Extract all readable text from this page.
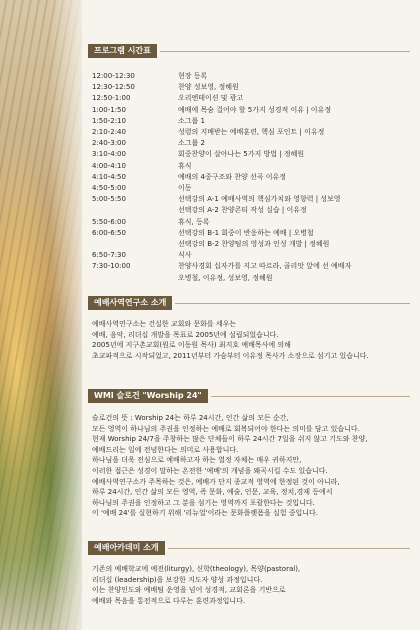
프로그램 시간표
12:00-12:30	현장 등록
12:30-12:50	찬양 성보영, 정혜원
12:50-1:00	오리엔테이션 및 광고
1:00-1:50	예배에 목숨 걸어야 할 5가지 성경적 이유 | 이유정
1:50-2:10	소그룹 1
2:10-2:40	성령의 지배받는 예배훈련, 핵심 포인트 | 이유정
2:40-3:00	소그룹 2
3:10-4:00	회중찬양이 살아나는 5가지 방법 | 정혜원
4:00-4:10	휴식
4:10-4:50	예배의 4중구조와 찬양 선곡 이유정
4:50-5:00	이동
5:00-5:50	선택강의 A-1 예배사역의 핵심가치와 영향력 | 성보영
선택강의 A-2 찬양콘티 작성 실습 | 이유정
5:50-6:00	휴식, 등록
6:00-6:50	선택강의 B-1 회중이 반응하는 예배 | 오병철
선택강의 B-2 찬양팀의 영성과 인성 개발 | 정혜원
6:50-7:30	식사
7:30-10:00	찬양사경회 십자가를 지고 따르라, 골리앗 앞에 선 예배자
오병철, 이유정, 성보영, 정혜원
예배사역연구소 소개

예배사역연구소는 건실한 교회와 문화를 세우는

예배, 음악, 리더십 개발을 목표로 2005년에 설립되었습니다.

2005년에 지구촌교회(원로 이동원 목사) 최지호 예배목사에 의해

초교파적으로 시작되었고, 2011년부터 가슴부터 이유정 목사가 소장으로 섬기고 있습니다.

WMI 슬로건 "Worship 24"

슬로건의 뜻 : Worship 24는 하루 24시간, 인간 삶의 모든 순간,

모든 영역이 하나님의 주권을 인정하는 예배로 회복되어야 한다는 의미를 담고 있습니다.

현재 Worship 24/7을 주창하는 많은 단체들이 하루 24시간 7일을 쉬지 않고 기도와 찬양,

예배드리는 일에 전념한다는 의미로 사용합니다.

하나님을 더욱 전심으로 예배하고자 하는 열정 자체는 매우 귀하지만,

이러한 접근은 성경이 말하는 온전한 '예배'의 개념을 왜곡시킬 수도 있습니다.

예배사역연구소가 주목하는 것은, 예배가 단지 종교적 영역에 한정된 것이 아니라,

하루 24시간, 인간 삶의 모든 영역, 즉 문화, 예술, 인문, 교육, 정치,경제 등에서

하나님의 주권을 인정하고 그 분을 섬기는 영역까지 포괄한다는 것입니다.

이 '예배 24'를 실현하기 위해 '리뉴얼'이라는 문화플랫폼을 실험 중입니다.

예배아카데미 소개

기존의 예배학교에 예전(liturgy), 신학(theology), 목양(pastoral),

리더십 (leadership)을 보강한 지도자 양성 과정입니다.

이는 찬양인도와 예배팀 운영을 넘어 성경적, 교회론을 기반으로

예배와 목음을 통전적으로 다루는 훈련과정입니다.
